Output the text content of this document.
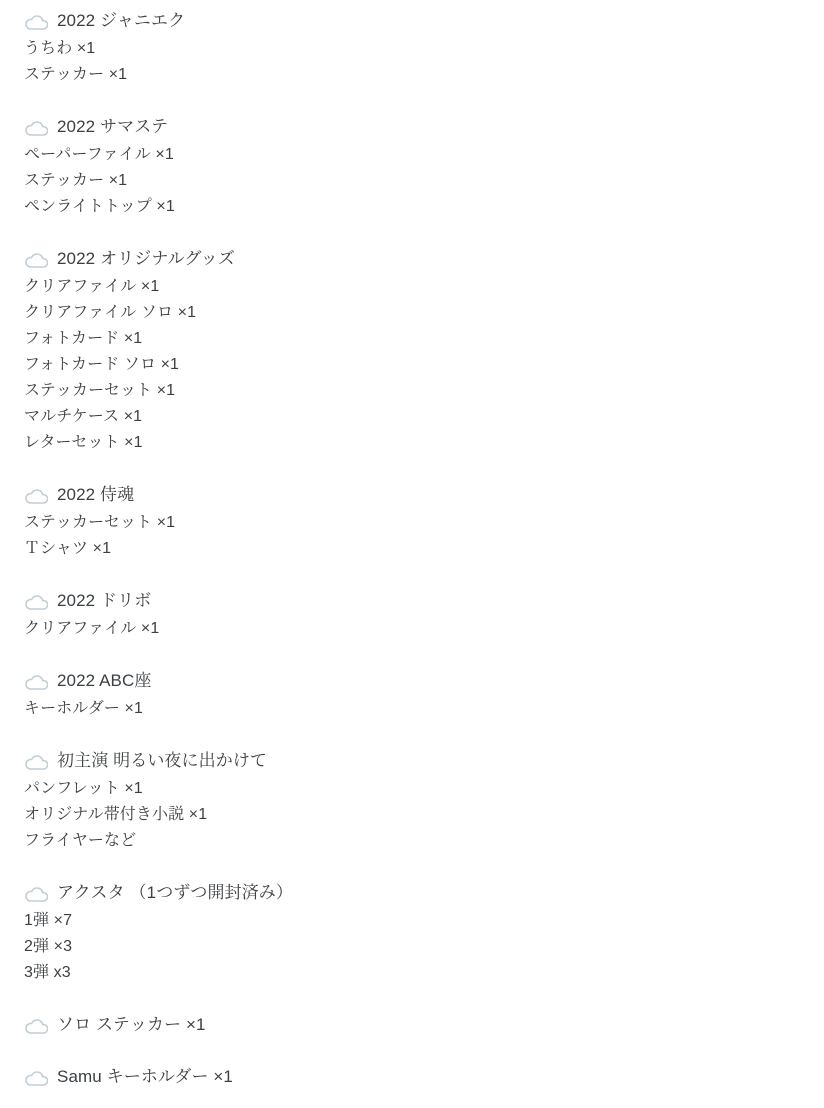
2022 ジャニエク
うちわ ×1
ステッカー ×1
2022 サマステ
ペーパーファイル ×1
ステッカー ×1
ペンライトトップ ×1
2022 オリジナルグッズ
クリアファイル ×1
クリアファイル ソロ ×1
フォトカード ×1
フォトカード ソロ ×1
ステッカーセット ×1
マルチケース ×1
レターセット ×1
2022 侍魂
ステッカーセット ×1
Ｔシャツ ×1
2022 ドリボ
クリアファイル ×1
2022 ABC座
キーホルダー ×1
初主演 明るい夜に出かけて
パンフレット ×1
オリジナル帯付き小説 ×1
フライヤーなど
アクスタ （1つずつ開封済み）
1弾 ×7
2弾 ×3
3弾 x3
ソロ ステッカー ×1
Samu キーホルダー ×1
